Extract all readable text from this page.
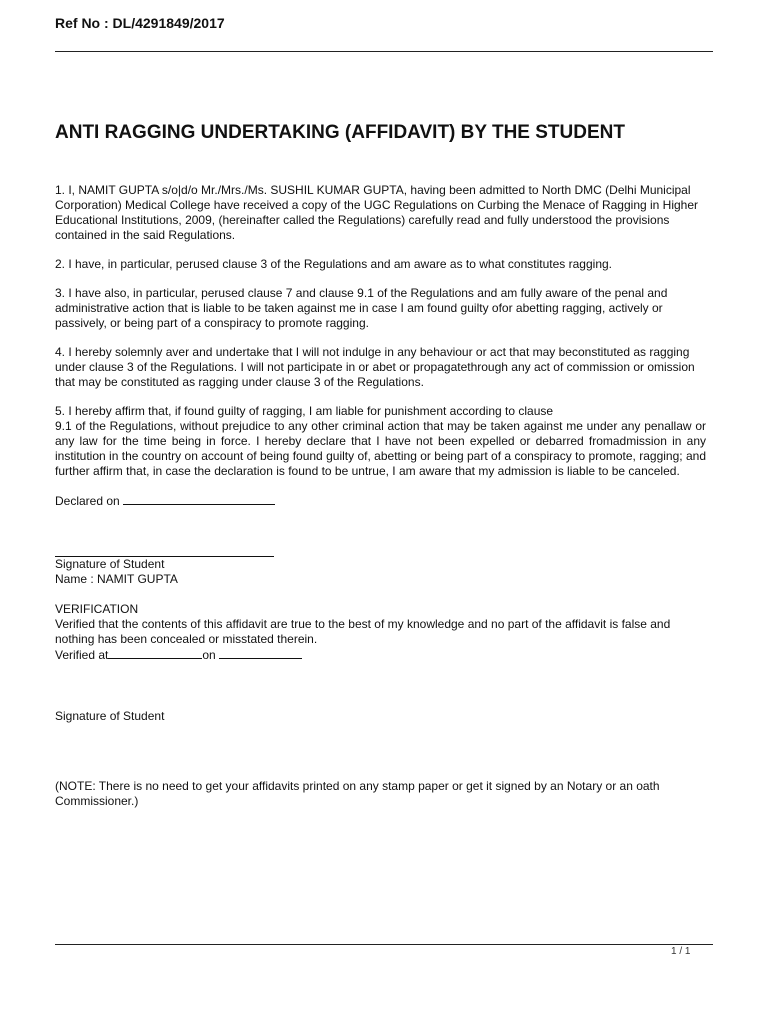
Ref No : DL/4291849/2017
ANTI RAGGING UNDERTAKING (AFFIDAVIT) BY THE STUDENT

1. I, NAMIT GUPTA s/o|d/o Mr./Mrs./Ms. SUSHIL KUMAR GUPTA, having been admitted to North DMC (Delhi Municipal Corporation) Medical College have received a copy of the UGC Regulations on Curbing the Menace of Ragging in Higher Educational Institutions, 2009, (hereinafter called the Regulations) carefully read and fully understood the provisions contained in the said Regulations.

2. I have, in particular, perused clause 3 of the Regulations and am aware as to what constitutes ragging.

3. I have also, in particular, perused clause 7 and clause 9.1 of the Regulations and am fully aware of the penal and administrative action that is liable to be taken against me in case I am found guilty ofor abetting ragging, actively or passively, or being part of a conspiracy to promote ragging.

4. I hereby solemnly aver and undertake that I will not indulge in any behaviour or act that may beconstituted as ragging under clause 3 of the Regulations. I will not participate in or abet or propagatethrough any act of commission or omission that may be constituted as ragging under clause 3 of the Regulations.

5. I hereby affirm that, if found guilty of ragging, I am liable for punishment according to clause

9.1 of the Regulations, without prejudice to any other criminal action that may be taken against me under any penallaw or any law for the time being in force. I hereby declare that I have not been expelled or debarred fromadmission in any institution in the country on account of being found guilty of, abetting or being part of a conspiracy to promote, ragging; and further affirm that, in case the declaration is found to be untrue, I am aware that my admission is liable to be canceled.

Declared on

Signature of Student

Name : NAMIT GUPTA

VERIFICATION

Verified that the contents of this affidavit are true to the best of my knowledge and no part of the affidavit is false and nothing has been concealed or misstated therein.

Verified at	on

Signature of Student

(NOTE: There is no need to get your affidavits printed on any stamp paper or get it signed by an Notary or an oath Commissioner.)

1 / 1
